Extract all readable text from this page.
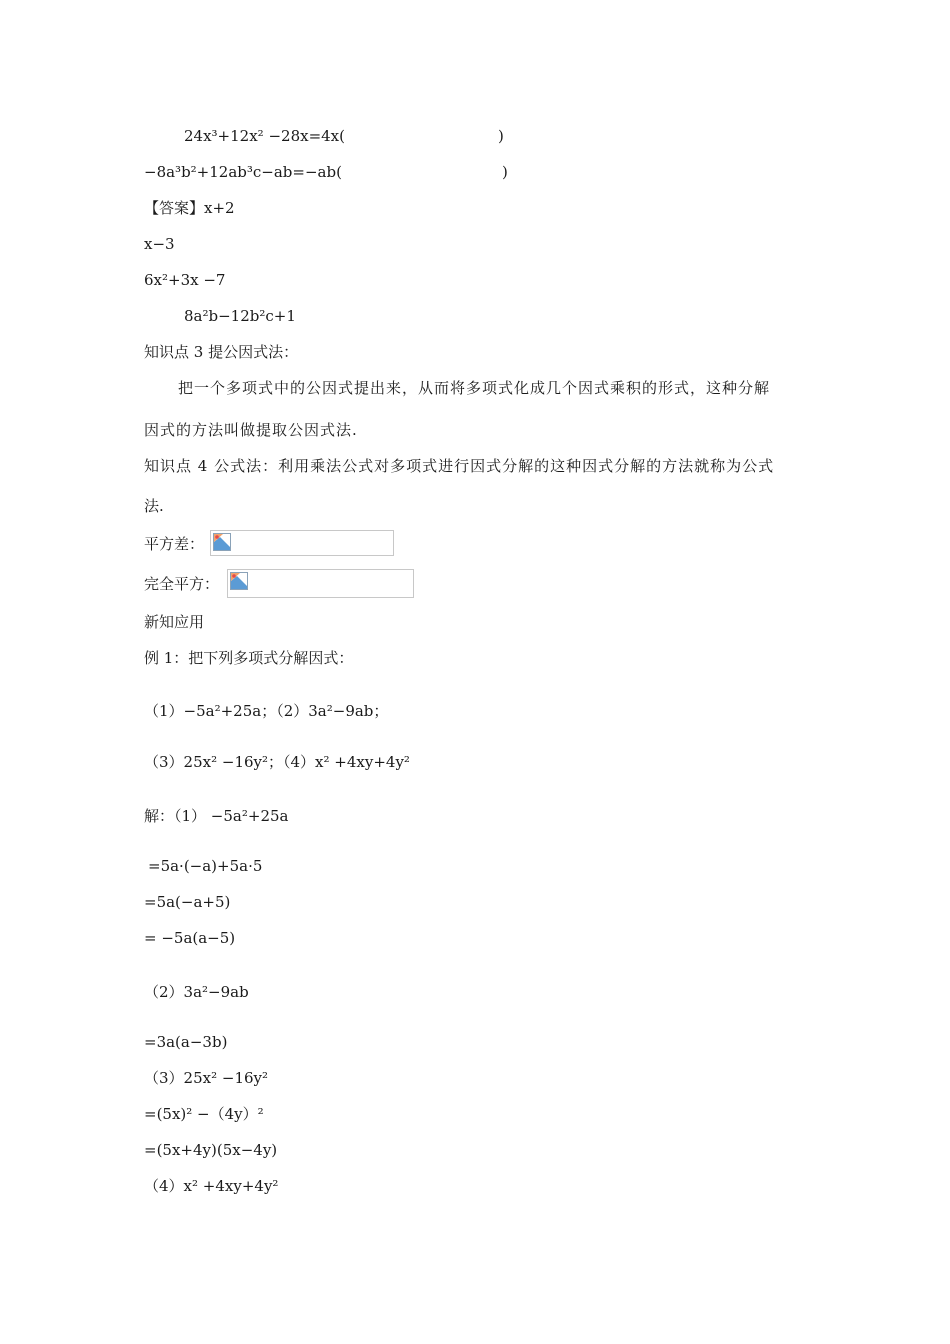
24x³+12x² −28x=4x(	)
−8a³b²+12ab³c−ab=−ab(	)
【答案】x+2
x−3
6x²+3x −7
8a²b−12b²c+1
知识点 3 提公因式法：
把一个多项式中的公因式提出来，从而将多项式化成几个因式乘积的形式，这种分解
因式的方法叫做提取公因式法.
知识点 4 公式法：利用乘法公式对多项式进行因式分解的这种因式分解的方法就称为公式
法.
平方差：
完全平方：
新知应用
例 1：把下列多项式分解因式：
（1）−5a²+25a；（2）3a²−9ab；
（3）25x² −16y²；（4）x² +4xy+4y²
解：（1） −5a²+25a
=5a·(−a)+5a·5
=5a(−a+5)
= −5a(a−5)
（2）3a²−9ab
=3a(a−3b)
（3）25x² −16y²
=(5x)² −（4y）²
=(5x+4y)(5x−4y)
（4）x² +4xy+4y²
